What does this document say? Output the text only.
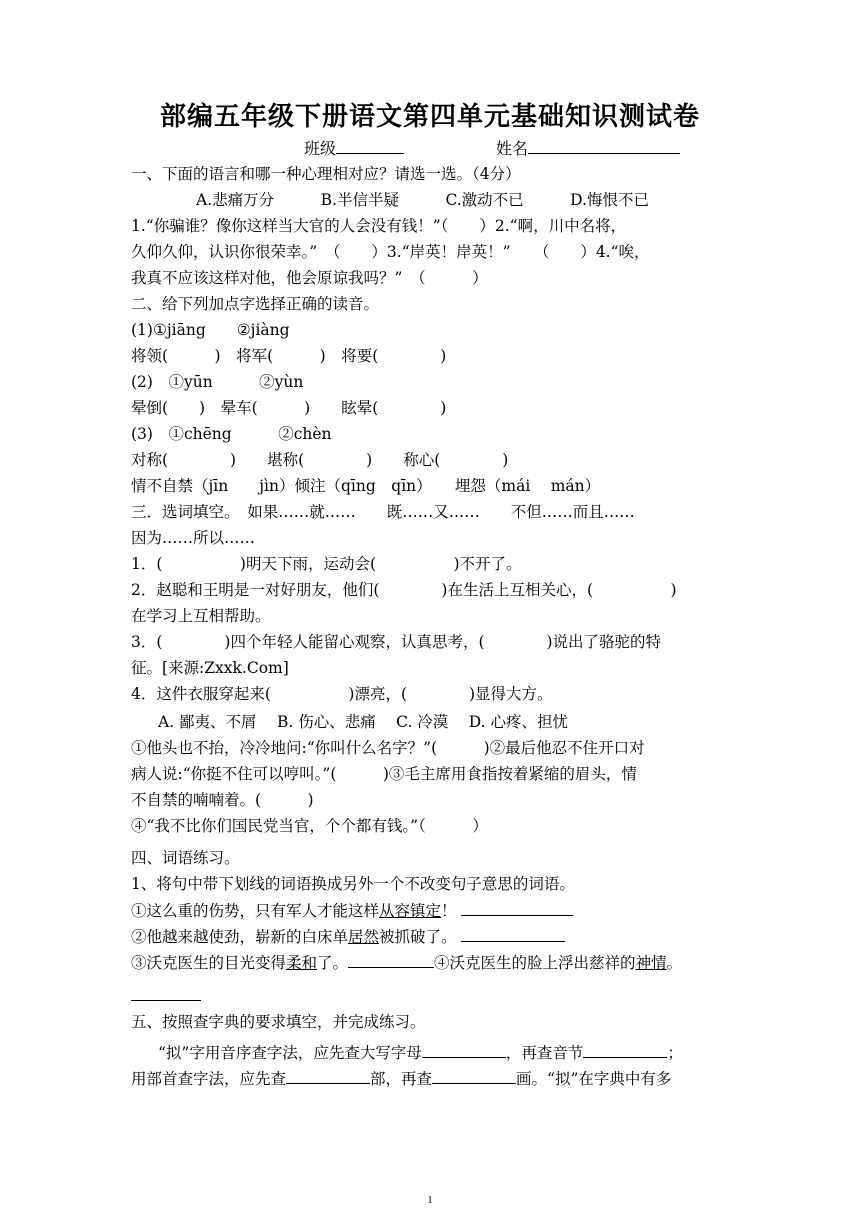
部编五年级下册语文第四单元基础知识测试卷
班级	姓名
一、下面的语言和哪一种心理相对应？请选一选。（4分）
A.悲痛万分　　　B.半信半疑　　　C.激动不已　　　D.悔恨不已
1.“你骗谁？像你这样当大官的人会没有钱！”（　　）2.“啊，川中名将，
久仰久仰，认识你很荣幸。”　（　　）3.“岸英！岸英！”　　（　　）4.“唉，
我真不应该这样对他，他会原谅我吗？”　（　　　）
二、给下列加点字选择正确的读音。
(1)①jiāng　　②jiàng
将领(　　　)　将军(　　　)　将要(　　　　)
(2)　①yūn　　　②yùn
晕倒(　　)　晕车(　　　)　　眩晕(　　　　)
(3)　①chēng　　　②chèn
对称(　　　　)　　堪称(　　　　)　　称心(　　　　)
情不自禁（jīn　　jìn）倾注（qīng　qīn）　　埋怨（mái　 mán）
三．选词填空。　如果……就……　　既……又……　　不但……而且……
因为……所以……
1．(　　　　　)明天下雨，运动会(　　　　　)不开了。
2．赵聪和王明是一对好朋友，他们(　　　　)在生活上互相关心，(　　　　　)
在学习上互相帮助。
3．(　　　　)四个年轻人能留心观察，认真思考，(　　　　)说出了骆驼的特
征。[来源:Zxxk.Com]
4．这件衣服穿起来(　　　　　)漂亮，(　　　　)显得大方。
A. 鄙夷、不屑　 B. 伤心、悲痛　 C. 冷漠　 D. 心疼、担忧
①他头也不抬，冷冷地问:“你叫什么名字？”(　　　)②最后他忍不住开口对
病人说:“你挺不住可以哼叫。”(　　　)③毛主席用食指按着紧缩的眉头，情
不自禁的喃喃着。(　　　)
④“我不比你们国民党当官，个个都有钱。”（　　　）
四、词语练习。
1、将句中带下划线的词语换成另外一个不改变句子意思的词语。
①这么重的伤势，只有军人才能这样从容镇定！
②他越来越使劲，崭新的白床单居然被抓破了。
③沃克医生的目光变得柔和了。	④沃克医生的脸上浮出慈祥的神情。
五、按照查字典的要求填空，并完成练习。
“拟”字用音序查字法，应先查大写字母	，再查音节	；
用部首查字法，应先查	部，再查	画。“拟”在字典中有多
1
